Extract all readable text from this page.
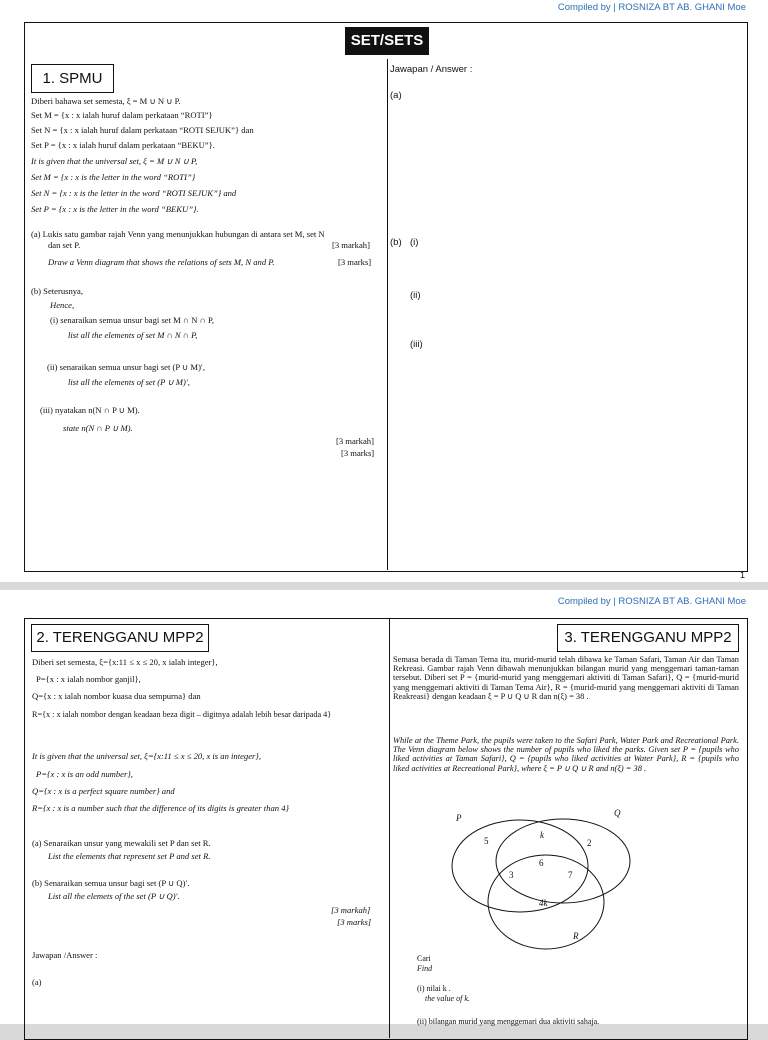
Compiled by | ROSNIZA BT AB. GHANI Moe
SET/SETS
1. SPMU
Jawapan / Answer :
(a)
(b) (i)
(ii)
(iii)
Diberi bahawa set semesta, ξ = M ∪ N ∪ P.
Set M = {x : x ialah huruf dalam perkataan “ROTI”}
Set N = {x : x ialah huruf dalam perkataan “ROTI SEJUK”} dan
Set P = {x : x ialah huruf dalam perkataan “BEKU”}.
It is given that the universal set, ξ = M ∪ N ∪ P,
Set M = {x : x is the letter in the word “ROTI”}
Set N = {x : x is the letter in the word “ROTI SEJUK”} and
Set P = {x : x is the letter in the word “BEKU”}.
(a) Lukis satu gambar rajah Venn yang menunjukkan hubungan di antara set M, set N
dan set P.	[3 markah]
Draw a Venn diagram that shows the relations of sets M, N and P.	[3 marks]
(b) Seterusnya,
Hence,
(i) senaraikan semua unsur bagi set M ∩ N ∩ P,
list all the elements of set M ∩ N ∩ P,
(ii) senaraikan semua unsur bagi set (P ∪ M)′,
list all the elements of set (P ∪ M)′,
(iii) nyatakan n(N ∩ P ∪ M).
state n(N ∩ P ∪ M).
[3 markah]
[3 marks]
1
Compiled by | ROSNIZA BT AB. GHANI Moe
2. TERENGGANU MPP2	3. TERENGGANU MPP2
Diberi set semesta, ξ={x:11 ≤ x ≤ 20, x ialah integer},
P={x : x ialah nombor ganjil},
Q={x : x ialah nombor kuasa dua sempurna} dan
R={x : x ialah nombor dengan keadaan beza digit – digitnya adalah lebih besar daripada 4}
It is given that the universal set, ξ={x:11 ≤ x ≤ 20, x is an integer},
P={x : x is an odd number},
Q={x : x is a perfect square number} and
R={x : x is a number such that the difference of its digits is greater than 4}
(a) Senaraikan unsur yang mewakili set P dan set R.
List the elements that represent set P and set R.
(b) Senaraikan semua unsur bagi set (P ∪ Q)′.
List all the elemets of the set (P ∪ Q)′.
[3 markah]
[3 marks]
Jawapan /Answer :
(a)
Semasa berada di Taman Tema itu, murid-murid telah dibawa ke Taman Safari, Taman Air dan Taman Rekreasi. Gambar rajah Venn dibawah menunjukkan bilangan murid yang menggemari taman-taman tersebut. Diberi set P = {murid-murid yang menggemari aktiviti di Taman Safari}, Q = {murid-murid yang menggemari aktiviti di Taman Tema Air}, R = {murid-murid yang menggemari aktiviti di Taman Reakreasi} dengan keadaan ξ = P ∪ Q ∪ R dan n(ξ) = 38 .
While at the Theme Park, the pupils were taken to the Safari Park, Water Park and Recreational Park. The Venn diagram below shows the number of pupils who liked the parks. Given set P = {pupils who liked activities at Taman Safari}, Q = {pupils who liked activities at Water Park}, R = {pupils who liked activities at Recreational Park}, where ξ = P ∪ Q ∪ R and n(ξ) = 38 .
P	Q
R
5
k
2
3
6
7
4k
Cari
Find
(i) nilai k .
the value of k.
(ii) bilangan murid yang menggemari dua aktiviti sahaja.
